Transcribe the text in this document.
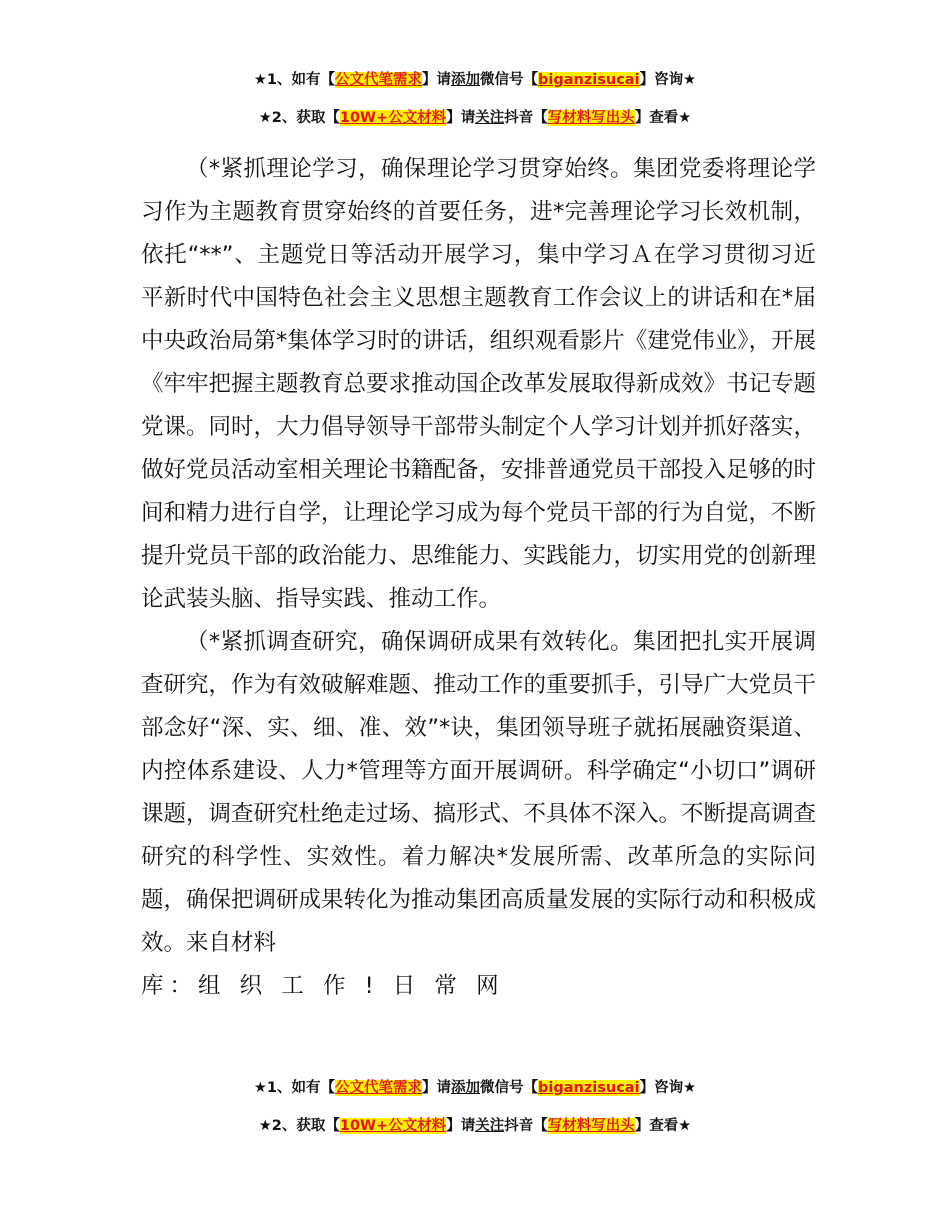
★1、如有【公文代笔需求】请添加微信号【biganzisucai】咨询★
★2、获取【10W+公文材料】请关注抖音【写材料写出头】查看★

（*紧抓理论学习，确保理论学习贯穿始终。集团党委将理论学习作为主题教育贯穿始终的首要任务，进*完善理论学习长效机制，依托“**”、主题党日等活动开展学习，集中学习Ａ在学习贯彻习近平新时代中国特色社会主义思想主题教育工作会议上的讲话和在*届中央政治局第*集体学习时的讲话，组织观看影片《建党伟业》，开展《牢牢把握主题教育总要求推动国企改革发展取得新成效》书记专题党课。同时，大力倡导领导干部带头制定个人学习计划并抓好落实，做好党员活动室相关理论书籍配备，安排普通党员干部投入足够的时间和精力进行自学，让理论学习成为每个党员干部的行为自觉，不断提升党员干部的政治能力、思维能力、实践能力，切实用党的创新理论武装头脑、指导实践、推动工作。

（*紧抓调查研究，确保调研成果有效转化。集团把扎实开展调查研究，作为有效破解难题、推动工作的重要抓手，引导广大党员干部念好“深、实、细、准、效”*诀，集团领导班子就拓展融资渠道、内控体系建设、人力*管理等方面开展调研。科学确定“小切口”调研课题，调查研究杜绝走过场、搞形式、不具体不深入。不断提高调查研究的科学性、实效性。着力解决*发展所需、改革所急的实际问题，确保把调研成果转化为推动集团高质量发展的实际行动和积极成效。来自材料

库：组 织 工 作 ! 日 常 网
★1、如有【公文代笔需求】请添加微信号【biganzisucai】咨询★
★2、获取【10W+公文材料】请关注抖音【写材料写出头】查看★
